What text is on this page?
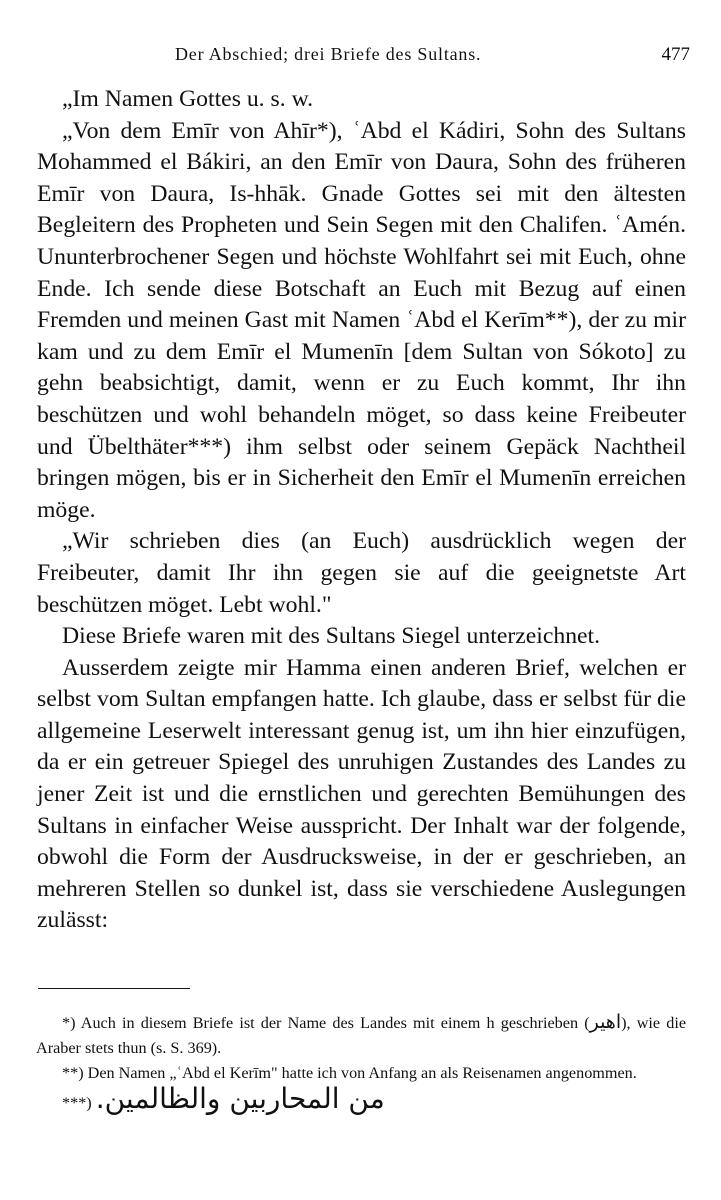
Der Abschied; drei Briefe des Sultans.	477

„Im Namen Gottes u. s. w.

„Von dem Emīr von Ahīr*), ʿAbd el Kádiri, Sohn des Sultans Mohammed el Bákiri, an den Emīr von Daura, Sohn des früheren Emīr von Daura, Is-hhāk. Gnade Gottes sei mit den ältesten Begleitern des Propheten und Sein Segen mit den Chalifen. ʿAmén. Ununterbrochener Segen und höchste Wohlfahrt sei mit Euch, ohne Ende. Ich sende diese Botschaft an Euch mit Bezug auf einen Fremden und meinen Gast mit Namen ʿAbd el Kerīm**), der zu mir kam und zu dem Emīr el Mumenīn [dem Sultan von Sókoto] zu gehn beabsichtigt, damit, wenn er zu Euch kommt, Ihr ihn beschützen und wohl behandeln möget, so dass keine Freibeuter und Übelthäter***) ihm selbst oder seinem Gepäck Nachtheil bringen mögen, bis er in Sicherheit den Emīr el Mumenīn erreichen möge.

„Wir schrieben dies (an Euch) ausdrücklich wegen der Freibeuter, damit Ihr ihn gegen sie auf die geeignetste Art beschützen möget. Lebt wohl."

Diese Briefe waren mit des Sultans Siegel unterzeichnet.

Ausserdem zeigte mir Hamma einen anderen Brief, welchen er selbst vom Sultan empfangen hatte. Ich glaube, dass er selbst für die allgemeine Leserwelt interessant genug ist, um ihn hier einzufügen, da er ein getreuer Spiegel des unruhigen Zustandes des Landes zu jener Zeit ist und die ernstlichen und gerechten Bemühungen des Sultans in einfacher Weise ausspricht. Der Inhalt war der folgende, obwohl die Form der Ausdrucksweise, in der er geschrieben, an mehreren Stellen so dunkel ist, dass sie verschiedene Auslegungen zulässt:

*) Auch in diesem Briefe ist der Name des Landes mit einem h geschrieben (اهير), wie die Araber stets thun (s. S. 369).

**) Den Namen „ʿAbd el Kerīm" hatte ich von Anfang an als Reisenamen angenommen.

***) من المحاربين والظالمين.
